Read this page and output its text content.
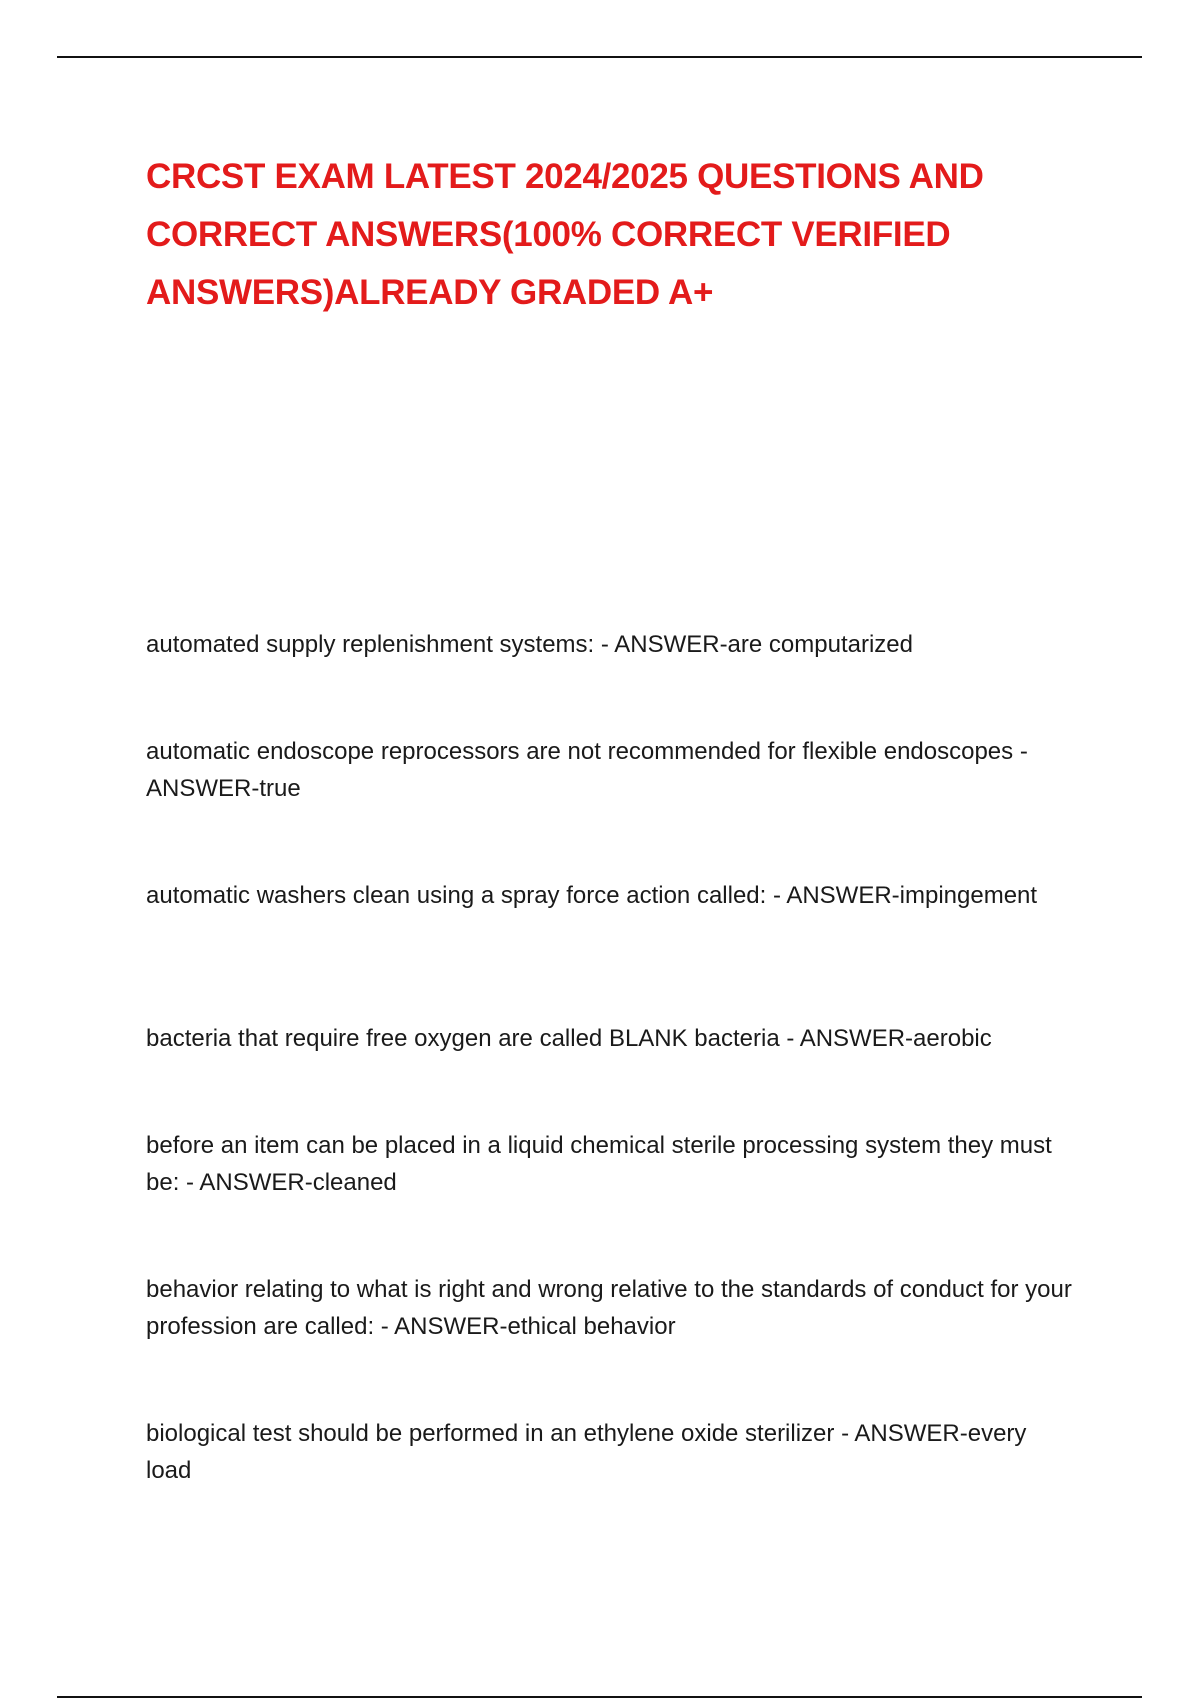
CRCST EXAM LATEST 2024/2025 QUESTIONS AND CORRECT ANSWERS(100% CORRECT VERIFIED ANSWERS)ALREADY GRADED A+
automated supply replenishment systems: - ANSWER-are computarized
automatic endoscope reprocessors are not recommended for flexible endoscopes - ANSWER-true
automatic washers clean using a spray force action called: - ANSWER-impingement
bacteria that require free oxygen are called BLANK bacteria - ANSWER-aerobic
before an item can be placed in a liquid chemical sterile processing system they must be: - ANSWER-cleaned
behavior relating to what is right and wrong relative to the standards of conduct for your profession are called: - ANSWER-ethical behavior
biological test should be performed in an ethylene oxide sterilizer - ANSWER-every load
